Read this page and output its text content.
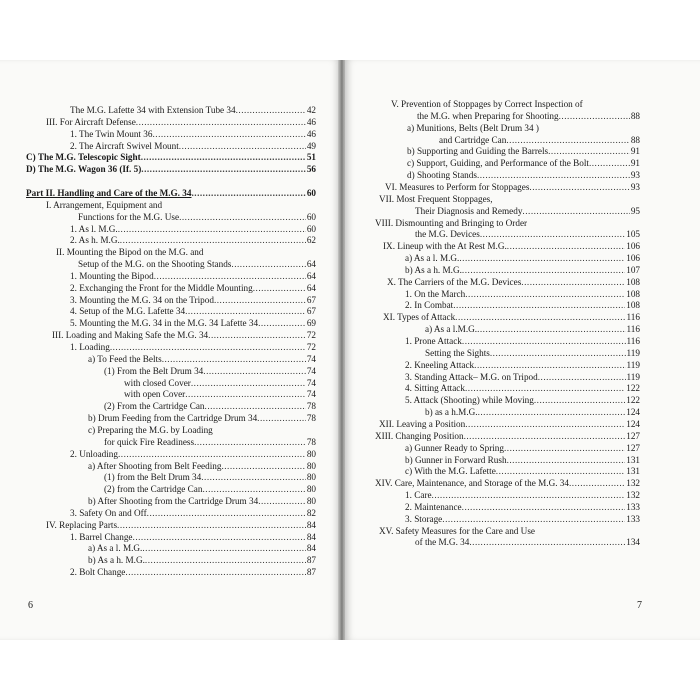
The M.G. Lafette 34 with Extension Tube 34 .....	42
III. For Aircraft Defense .....	46
1. The Twin Mount 36 .....	46
2. The Aircraft Swivel Mount .....	49
C) The M.G. Telescopic Sight .....	51
D) The M.G. Wagon 36 (If. 5) .....	56
Part II. Handling and Care of the M.G. 34 .....	60
I. Arrangement, Equipment and
Functions for the M.G. Use .....	60
1. As l. M.G. .....	60
2. As h. M.G. .....	62
II. Mounting the Bipod on the M.G. and
Setup of the M.G. on the Shooting Stands .....	64
1. Mounting the Bipod .....	64
2. Exchanging the Front for the Middle Mounting .....	64
3. Mounting the M.G. 34 on the Tripod .....	67
4. Setup of the M.G. Lafette 34 .....	67
5. Mounting the M.G. 34 in the M.G. 34 Lafette 34 .....	69
III. Loading and Making Safe the M.G. 34 .....	72
1. Loading .....	72
a) To Feed the Belts .....	74
(1) From the Belt Drum 34 .....	74
with closed Cover .....	74
with open Cover .....	74
(2) From the Cartridge Can .....	78
b) Drum Feeding from the Cartridge Drum 34 .....	78
c) Preparing the M.G. by Loading
for quick Fire Readiness .....	78
2. Unloading .....	80
a) After Shooting from Belt Feeding .....	80
(1) from the Belt Drum 34 .....	80
(2) from the Cartridge Can .....	80
b) After Shooting from the Cartridge Drum 34 .....	80
3. Safety On and Off .....	82
IV. Replacing Parts .....	84
1. Barrel Change .....	84
a) As a l. M.G. .....	84
b) As a h. M.G. .....	87
2. Bolt Change .....	87
6
V. Prevention of Stoppages by Correct Inspection of
the M.G. when Preparing for Shooting .....	88
a) Munitions, Belts (Belt Drum 34 )
and Cartridge Can .....	88
b) Supporting and Guiding the Barrels .....	91
c) Support, Guiding, and Performance of the Bolt .....	91
d) Shooting Stands .....	93
VI. Measures to Perform for Stoppages .....	93
VII. Most Frequent Stoppages,
Their Diagnosis and Remedy .....	95
VIII. Dismounting and Bringing to Order
the M.G. Devices .....	105
IX. Lineup with the At Rest M.G. .....	106
a) As a l. M.G. .....	106
b) As a h. M.G. .....	107
X. The Carriers of the M.G. Devices .....	108
1. On the March .....	108
2. In Combat .....	108
XI. Types of Attack .....	116
a) As a l.M.G. .....	116
1. Prone Attack .....	116
Setting the Sights .....	119
2. Kneeling Attack .....	119
3. Standing Attack– M.G. on Tripod .....	119
4. Sitting Attack .....	122
5. Attack (Shooting) while Moving .....	122
b) as a h.M.G. .....	124
XII. Leaving a Position .....	124
XIII. Changing Position .....	127
a) Gunner Ready to Spring .....	127
b) Gunner in Forward Rush .....	131
c) With the M.G. Lafette .....	131
XIV. Care, Maintenance, and Storage of the M.G. 34 .....	132
1. Care .....	132
2. Maintenance .....	133
3. Storage .....	133
XV. Safety Measures for the Care and Use
of the M.G. 34 .....	134
7
